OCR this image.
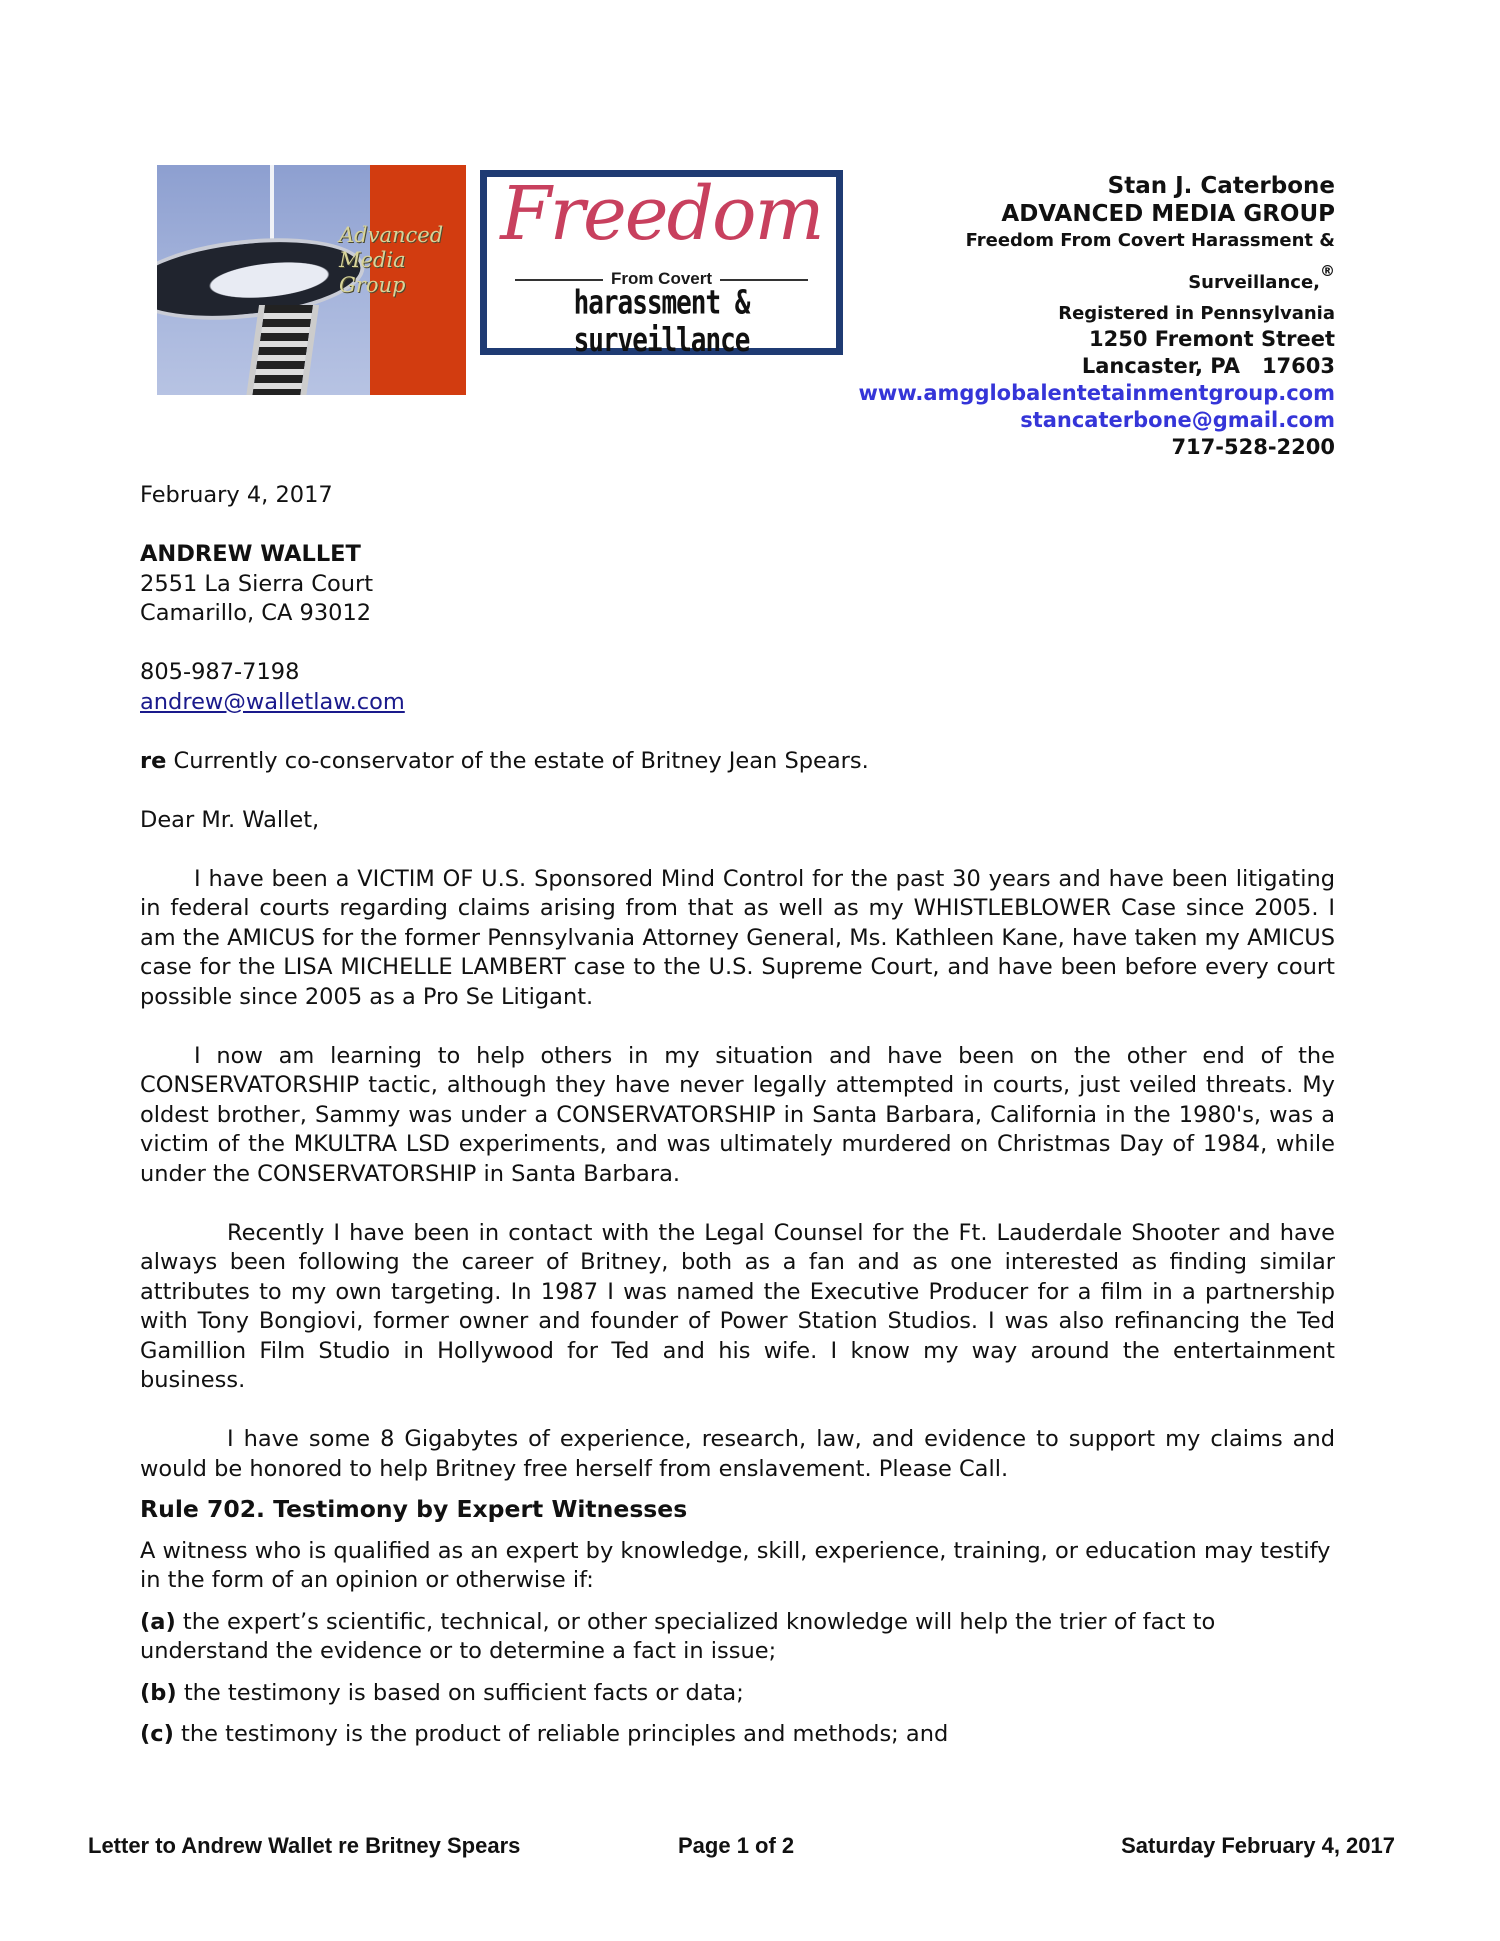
Advanced
Media
Group
Freedom
From Covert
harassment & surveillance
Stan J. Caterbone
ADVANCED MEDIA GROUP
Freedom From Covert Harassment &
Surveillance,®
Registered in Pennsylvania
1250 Fremont Street
Lancaster, PA   17603
www.amgglobalentetainmentgroup.com
stancaterbone@gmail.com
717-528-2200

February 4, 2017

ANDREW WALLET

2551 La Sierra Court

Camarillo, CA 93012

805-987-7198

andrew@walletlaw.com

re Currently co-conservator of the estate of Britney Jean Spears.

Dear Mr. Wallet,

I have been a VICTIM OF U.S. Sponsored Mind Control for the past 30 years and have been litigating in federal courts regarding claims arising from that as well as my WHISTLEBLOWER Case since 2005. I am the AMICUS for the former Pennsylvania Attorney General, Ms. Kathleen Kane, have taken my AMICUS case for the LISA MICHELLE LAMBERT case to the U.S. Supreme Court, and have been before every court possible since 2005 as a Pro Se Litigant.

I now am learning to help others in my situation and have been on the other end of the CONSERVATORSHIP tactic, although they have never legally attempted in courts, just veiled threats. My oldest brother, Sammy was under a CONSERVATORSHIP in Santa Barbara, California in the 1980's, was a victim of the MKULTRA LSD experiments, and was ultimately murdered on Christmas Day of 1984, while under the CONSERVATORSHIP in Santa Barbara.

Recently I have been in contact with the Legal Counsel for the Ft. Lauderdale Shooter and have always been following the career of Britney, both as a fan and as one interested as finding similar attributes to my own targeting. In 1987 I was named the Executive Producer for a film in a partnership with Tony Bongiovi, former owner and founder of Power Station Studios. I was also refinancing the Ted Gamillion Film Studio in Hollywood for Ted and his wife. I know my way around the entertainment business.

I have some 8 Gigabytes of experience, research, law, and evidence to support my claims and would be honored to help Britney free herself from enslavement. Please Call.

Rule 702. Testimony by Expert Witnesses

A witness who is qualified as an expert by knowledge, skill, experience, training, or education may testify in the form of an opinion or otherwise if:

(a) the expert’s scientific, technical, or other specialized knowledge will help the trier of fact to understand the evidence or to determine a fact in issue;

(b) the testimony is based on sufficient facts or data;

(c) the testimony is the product of reliable principles and methods; and

Letter to Andrew Wallet re Britney Spears	Page 1 of 2	Saturday February 4, 2017
